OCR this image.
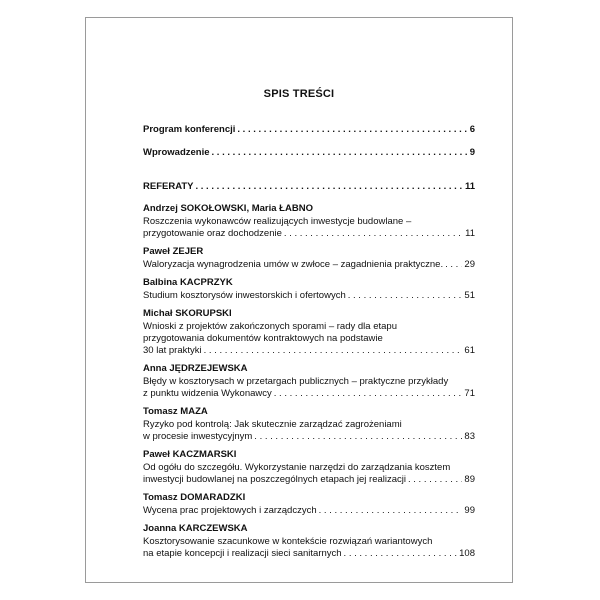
SPIS TREŚCI
Program konferencji . . .	6
Wprowadzenie . . .	9
REFERATY . . .	11
Andrzej SOKOŁOWSKI, Maria ŁABNO
Roszczenia wykonawców realizujących inwestycje budowlane –
przygotowanie oraz dochodzenie . . .	11
Paweł ZEJER
Waloryzacja wynagrodzenia umów w zwłoce – zagadnienia praktyczne. . . . 29
Balbina KACPRZYK
Studium kosztorysów inwestorskich i ofertowych . . .	51
Michał SKORUPSKI
Wnioski z projektów zakończonych sporami – rady dla etapu
przygotowania dokumentów kontraktowych na podstawie
30 lat praktyki . . .	61
Anna JĘDRZEJEWSKA
Błędy w kosztorysach w przetargach publicznych – praktyczne przykłady
z punktu widzenia Wykonawcy . . .	71
Tomasz MAZA
Ryzyko pod kontrolą: Jak skutecznie zarządzać zagrożeniami
w procesie inwestycyjnym . . .	83
Paweł KACZMARSKI
Od ogółu do szczegółu. Wykorzystanie narzędzi do zarządzania kosztem
inwestycji budowlanej na poszczególnych etapach jej realizacji . . .	89
Tomasz DOMARADZKI
Wycena prac projektowych i zarządczych . . .	99
Joanna KARCZEWSKA
Kosztorysowanie szacunkowe w kontekście rozwiązań wariantowych
na etapie koncepcji i realizacji sieci sanitarnych . . .	108
